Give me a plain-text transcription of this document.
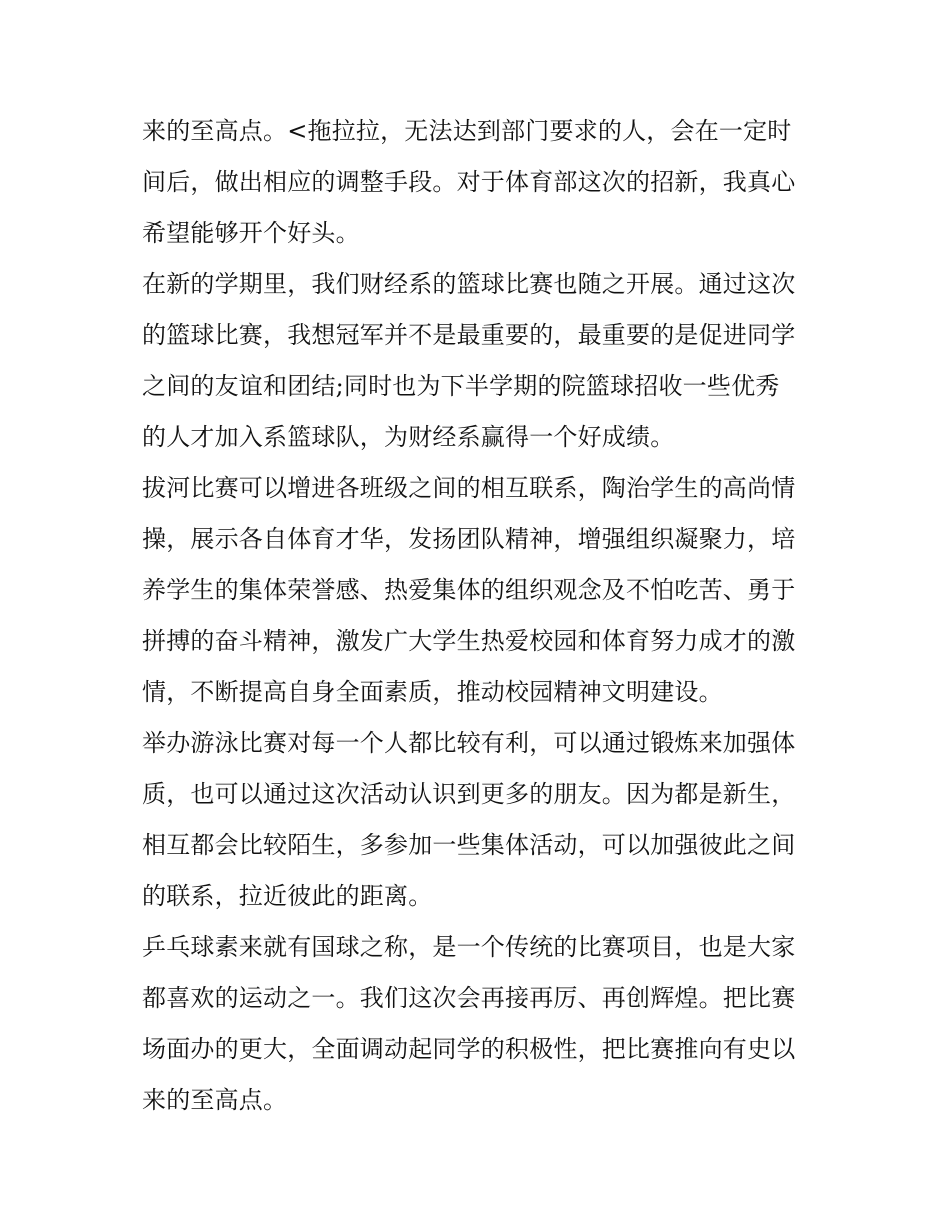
来的至高点。<拖拉拉，无法达到部门要求的人，会在一定时
间后，做出相应的调整手段。对于体育部这次的招新，我真心
希望能够开个好头。
在新的学期里，我们财经系的篮球比赛也随之开展。通过这次
的篮球比赛，我想冠军并不是最重要的，最重要的是促进同学
之间的友谊和团结;同时也为下半学期的院篮球招收一些优秀
的人才加入系篮球队，为财经系赢得一个好成绩。
拔河比赛可以增进各班级之间的相互联系，陶治学生的高尚情
操，展示各自体育才华，发扬团队精神，增强组织凝聚力，培
养学生的集体荣誉感、热爱集体的组织观念及不怕吃苦、勇于
拼搏的奋斗精神，激发广大学生热爱校园和体育努力成才的激
情，不断提高自身全面素质，推动校园精神文明建设。
举办游泳比赛对每一个人都比较有利，可以通过锻炼来加强体
质，也可以通过这次活动认识到更多的朋友。因为都是新生，
相互都会比较陌生，多参加一些集体活动，可以加强彼此之间
的联系，拉近彼此的距离。
乒乓球素来就有国球之称，是一个传统的比赛项目，也是大家
都喜欢的运动之一。我们这次会再接再厉、再创辉煌。把比赛
场面办的更大，全面调动起同学的积极性，把比赛推向有史以
来的至高点。
